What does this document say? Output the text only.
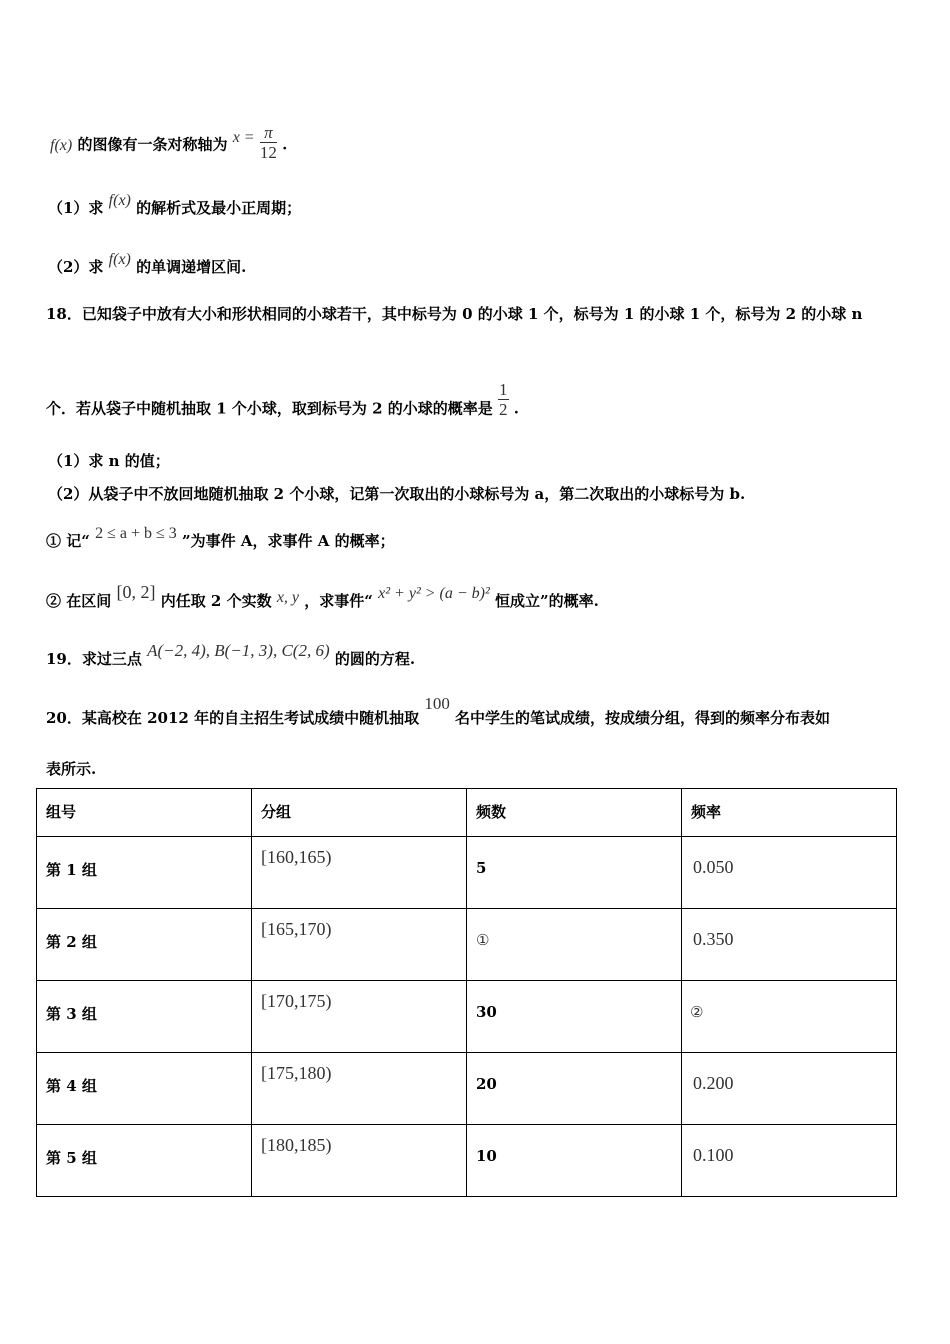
f(x) 的图像有一条对称轴为 $x = \frac{\pi}{12}$ .
（1）求 f(x) 的解析式及最小正周期；
（2）求 f(x) 的单调递增区间.
18．已知袋子中放有大小和形状相同的小球若干，其中标号为 0 的小球 1 个，标号为 1 的小球 1 个，标号为 2 的小球 n
个．若从袋子中随机抽取 1 个小球，取到标号为 2 的小球的概率是 $\frac{1}{2}$ .
（1）求 n 的值；
（2）从袋子中不放回地随机抽取 2 个小球，记第一次取出的小球标号为 a，第二次取出的小球标号为 b.
① 记“ 2 ≤ a + b ≤ 3 ”为事件 A，求事件 A 的概率；
② 在区间 [0, 2] 内任取 2 个实数 x, y ，求事件“ x² + y² > (a − b)² 恒成立”的概率.
19．求过三点 A(−2, 4), B(−1, 3), C(2, 6) 的圆的方程.
20．某高校在 2012 年的自主招生考试成绩中随机抽取 100 名中学生的笔试成绩，按成绩分组，得到的频率分布表如
表所示.
组号	分组	频数	频率

第 1 组	[160,165)	5	0.050

第 2 组	[165,170)	①	0.350

第 3 组	[170,175)	30	②

第 4 组	[175,180)	20	0.200

第 5 组	[180,185)	10	0.100
